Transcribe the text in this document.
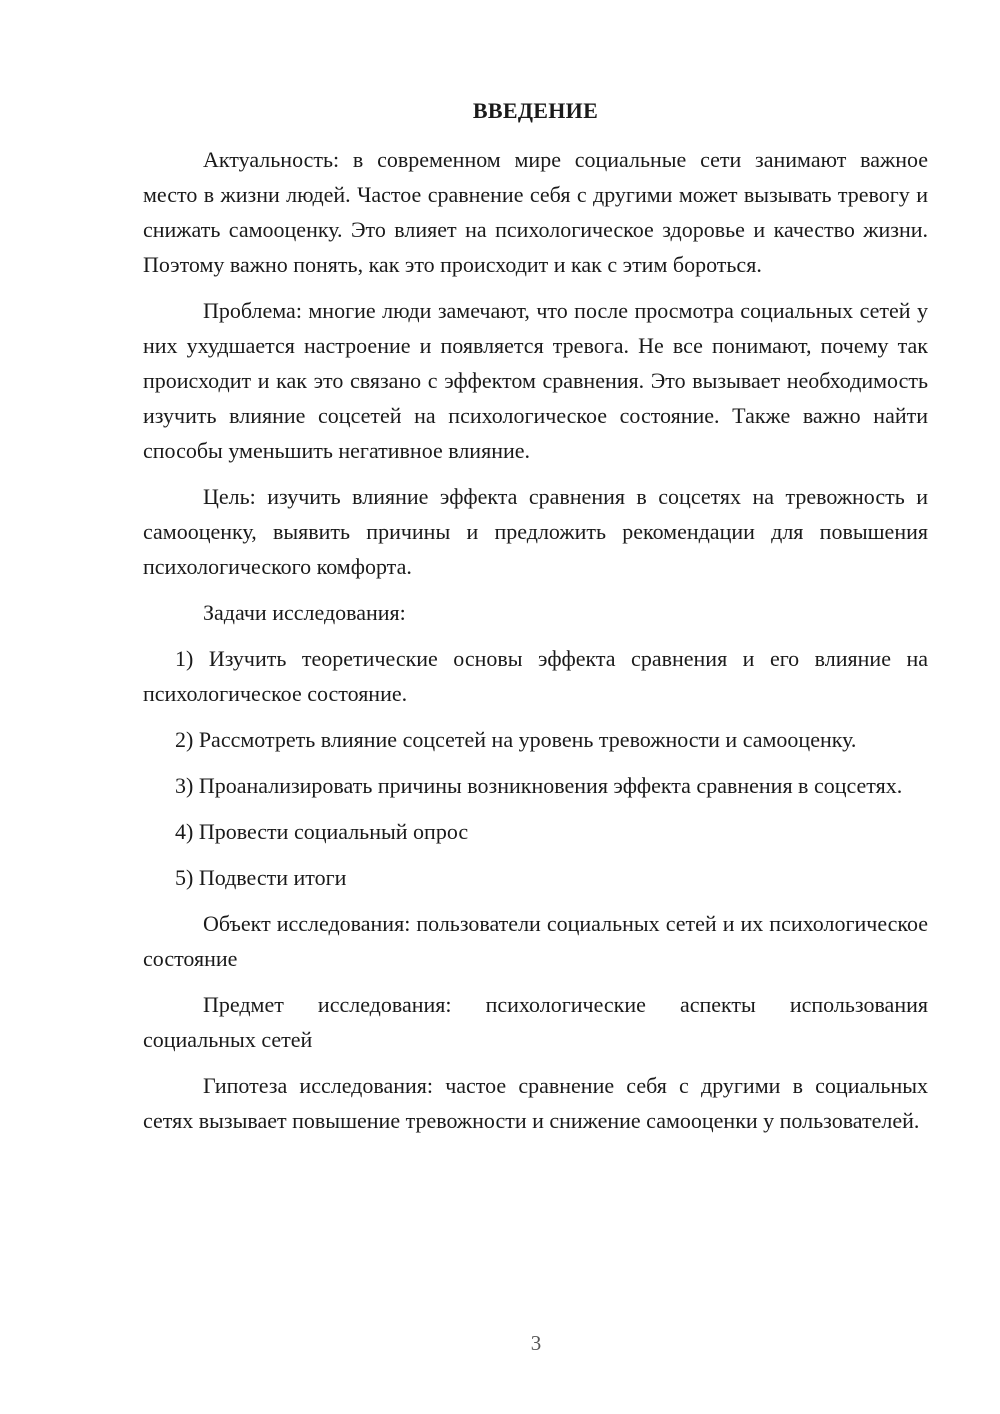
ВВЕДЕНИЕ

Актуальность: в современном мире социальные сети занимают важное место в жизни людей. Частое сравнение себя с другими может вызывать тревогу и снижать самооценку. Это влияет на психологическое здоровье и качество жизни. Поэтому важно понять, как это происходит и как с этим бороться.

Проблема: многие люди замечают, что после просмотра социальных сетей у них ухудшается настроение и появляется тревога. Не все понимают, почему так происходит и как это связано с эффектом сравнения. Это вызывает необходимость изучить влияние соцсетей на психологическое состояние. Также важно найти способы уменьшить негативное влияние.

Цель: изучить влияние эффекта сравнения в соцсетях на тревожность и самооценку, выявить причины и предложить рекомендации для повышения психологического комфорта.

Задачи исследования:

1) Изучить теоретические основы эффекта сравнения и его влияние на психологическое состояние.

2) Рассмотреть влияние соцсетей на уровень тревожности и самооценку.

3) Проанализировать причины возникновения эффекта сравнения в соцсетях.

4) Провести социальный опрос

5) Подвести итоги

Объект исследования: пользователи социальных сетей и их психологическое состояние

Предмет исследования: психологические аспекты использования социальных сетей

Гипотеза исследования: частое сравнение себя с другими в социальных сетях вызывает повышение тревожности и снижение самооценки у пользователей.

3
